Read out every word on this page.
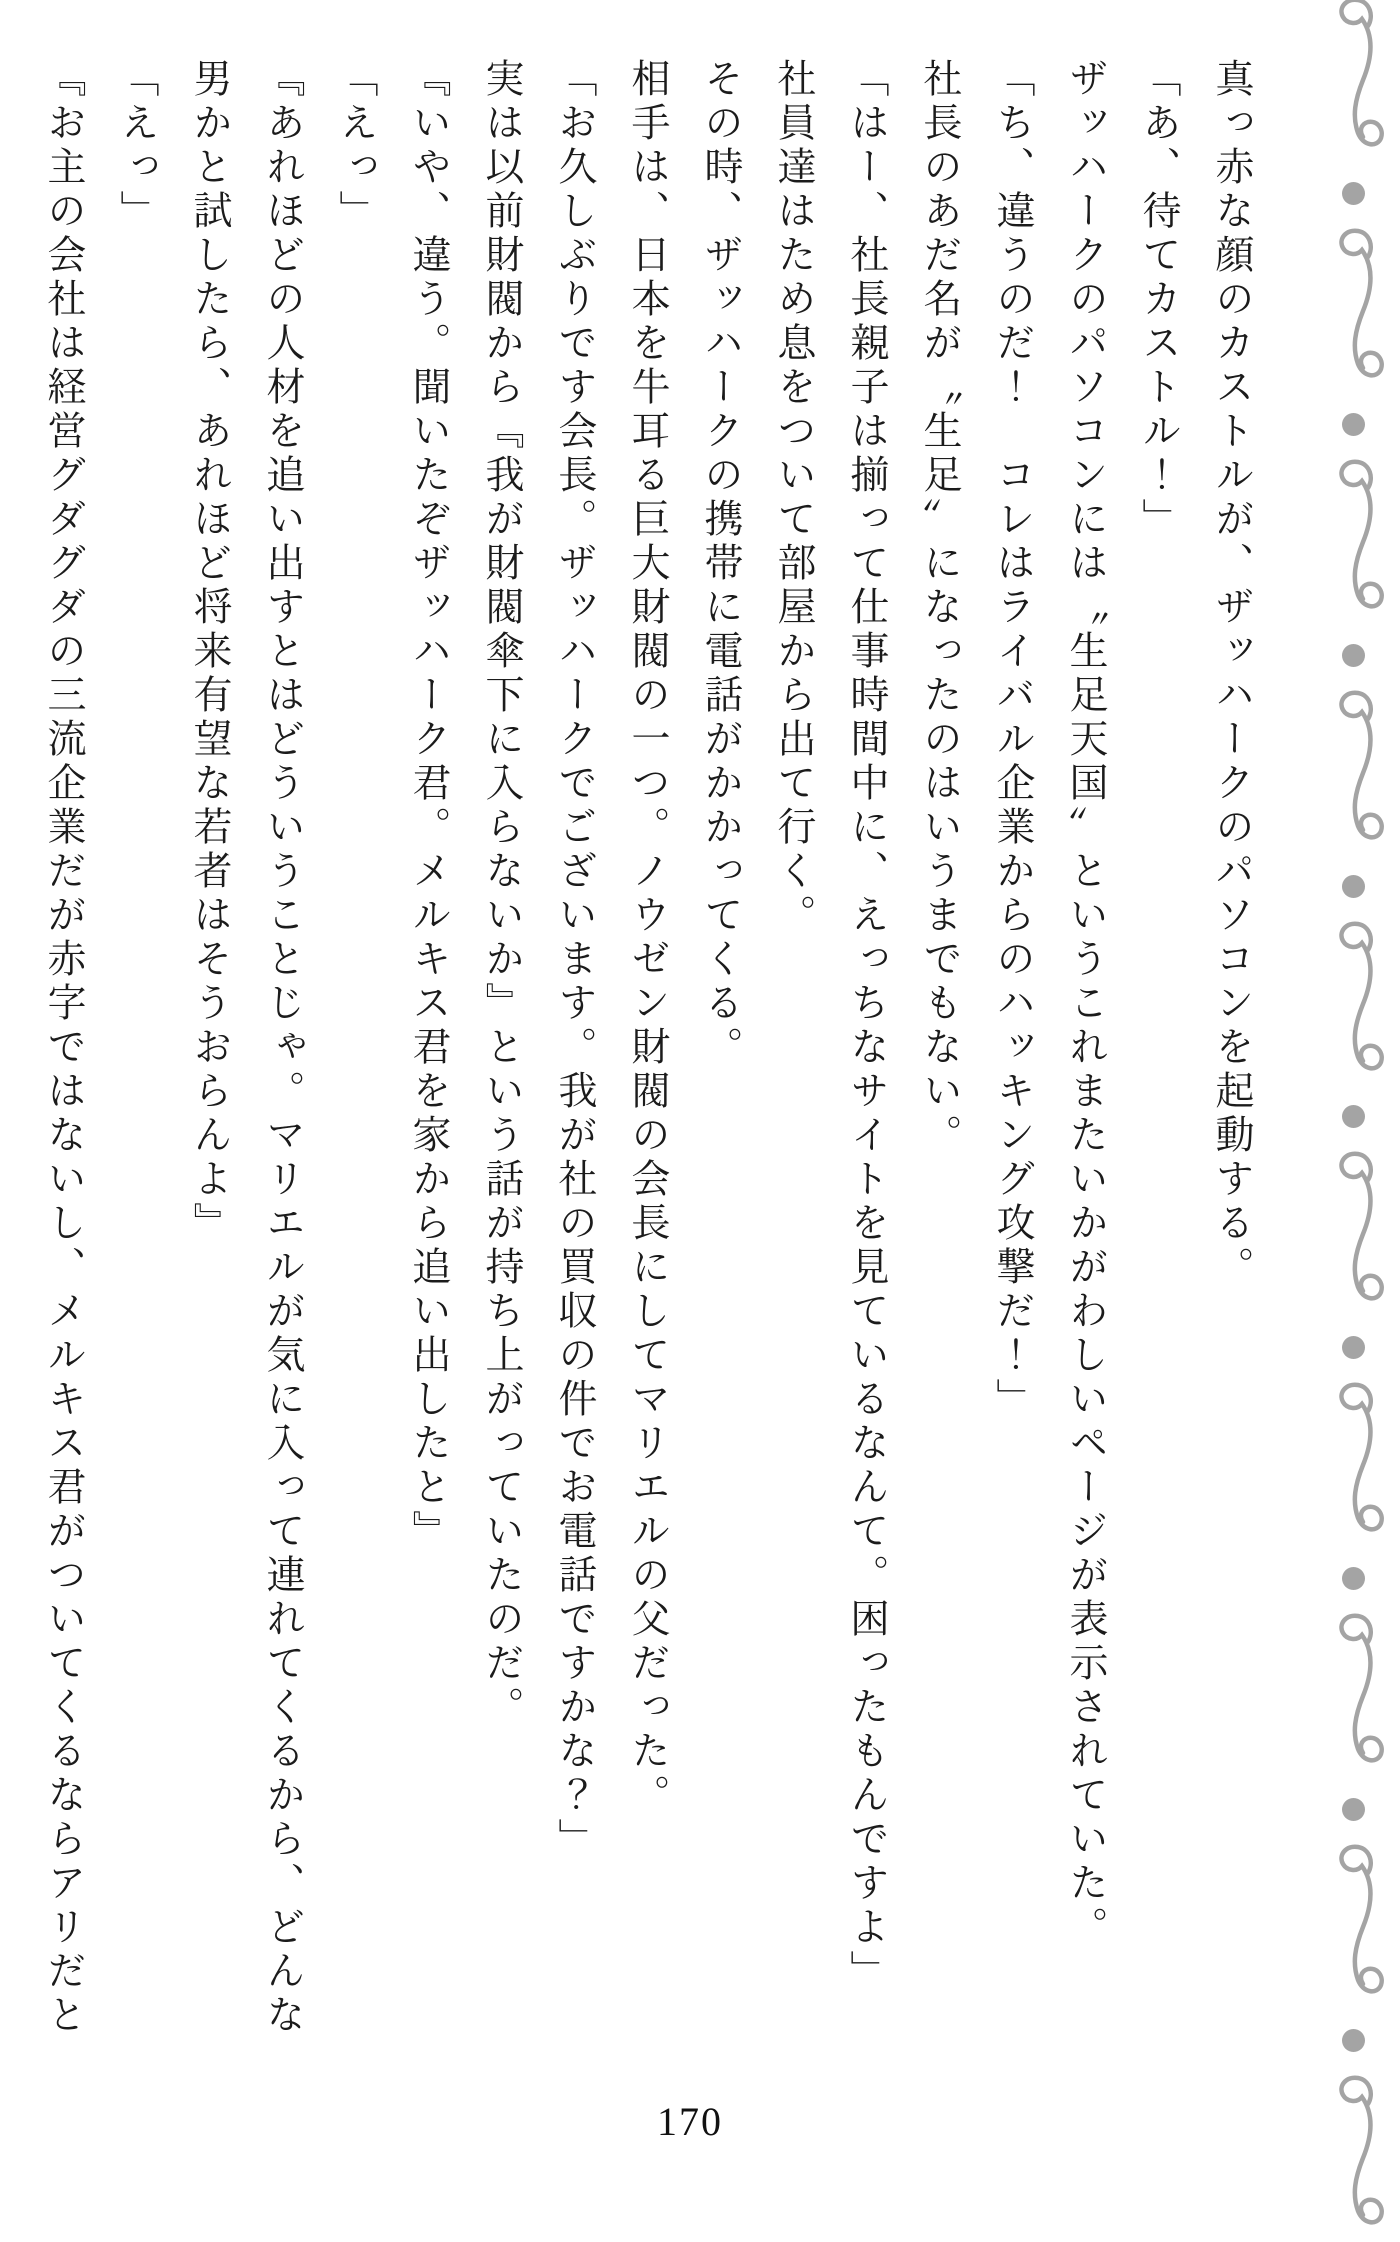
真っ赤な顔のカストルが、ザッハークのパソコンを起動する。

「あ、待てカストル！」

ザッハークのパソコンには〝生足天国〟というこれまたいかがわしいページが表示されていた。

「ち、違うのだ！　コレはライバル企業からのハッキング攻撃だ！」

社長のあだ名が〝生足〟になったのはいうまでもない。

「はー、社長親子は揃って仕事時間中に、えっちなサイトを見ているなんて。困ったもんですよ」

社員達はため息をついて部屋から出て行く。

その時、ザッハークの携帯に電話がかかってくる。

相手は、日本を牛耳る巨大財閥の一つ。ノウゼン財閥の会長にしてマリエルの父だった。

「お久しぶりです会長。ザッハークでございます。我が社の買収の件でお電話ですかな？」

実は以前財閥から『我が財閥傘下に入らないか』という話が持ち上がっていたのだ。

『いや、違う。聞いたぞザッハーク君。メルキス君を家から追い出したと』

「えっ」

『あれほどの人材を追い出すとはどういうことじゃ。マリエルが気に入って連れてくるから、どんな男かと試したら、あれほど将来有望な若者はそうおらんよ』

「えっ」

『お主の会社は経営グダグダの三流企業だが赤字ではないし、メルキス君がついてくるならアリだと

170
